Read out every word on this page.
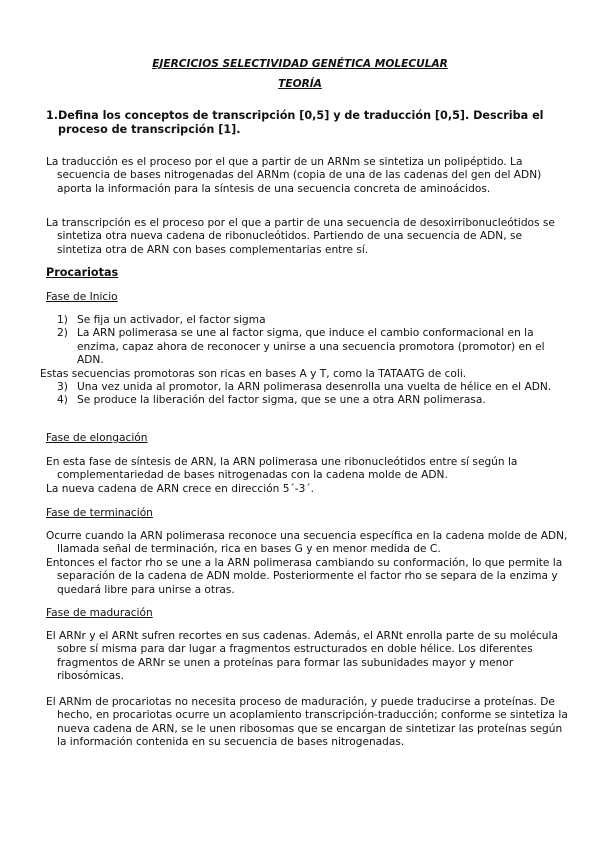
EJERCICIOS SELECTIVIDAD GENÉTICA MOLECULAR
TEORÍA
1. Defina los conceptos de transcripción [0,5] y de traducción [0,5]. Describa el proceso de transcripción [1].
La traducción es el proceso por el que a partir de un ARNm se sintetiza un polipéptido. La secuencia de bases nitrogenadas del ARNm (copia de una de las cadenas del gen del ADN) aporta la información para la síntesis de una secuencia concreta de aminoácidos.
La transcripción es el proceso por el que a partir de una secuencia de desoxirribonucleótidos se sintetiza otra nueva cadena de ribonucleótidos. Partiendo de una secuencia de ADN, se sintetiza otra de ARN con bases complementarias entre sí.
Procariotas
Fase de Inicio
1) Se fija un activador, el factor sigma
2) La ARN polimerasa se une al factor sigma, que induce el cambio conformacional en la enzima, capaz ahora de reconocer y unirse a una secuencia promotora (promotor) en el ADN.
Estas secuencias promotoras son ricas en bases A y T, como la TATAATG de coli.
3) Una vez unida al promotor, la ARN polimerasa desenrolla una vuelta de hélice en el ADN.
4) Se produce la liberación del factor sigma, que se une a otra ARN polimerasa.
Fase de elongación
En esta fase de síntesis de ARN, la ARN polimerasa une ribonucleótidos entre sí según la complementariedad de bases nitrogenadas con la cadena molde de ADN.
La nueva cadena de ARN crece en dirección 5´-3´.
Fase de terminación
Ocurre cuando la ARN polimerasa reconoce una secuencia específica en la cadena molde de ADN, llamada señal de terminación, rica en bases G y en menor medida de C.
Entonces el factor rho se une a la ARN polimerasa cambiando su conformación, lo que permite la separación de la cadena de ADN molde. Posteriormente el factor rho se separa de la enzima y quedará libre para unirse a otras.
Fase de maduración
El ARNr y el ARNt sufren recortes en sus cadenas. Además, el ARNt enrolla parte de su molécula sobre sí misma para dar lugar a fragmentos estructurados en doble hélice. Los diferentes fragmentos de ARNr se unen a proteínas para formar las subunidades mayor y menor ribosómicas.
El ARNm de procariotas no necesita proceso de maduración, y puede traducirse a proteínas. De hecho, en procariotas ocurre un acoplamiento transcripción-traducción; conforme se sintetiza la nueva cadena de ARN, se le unen ribosomas que se encargan de sintetizar las proteínas según la información contenida en su secuencia de bases nitrogenadas.
